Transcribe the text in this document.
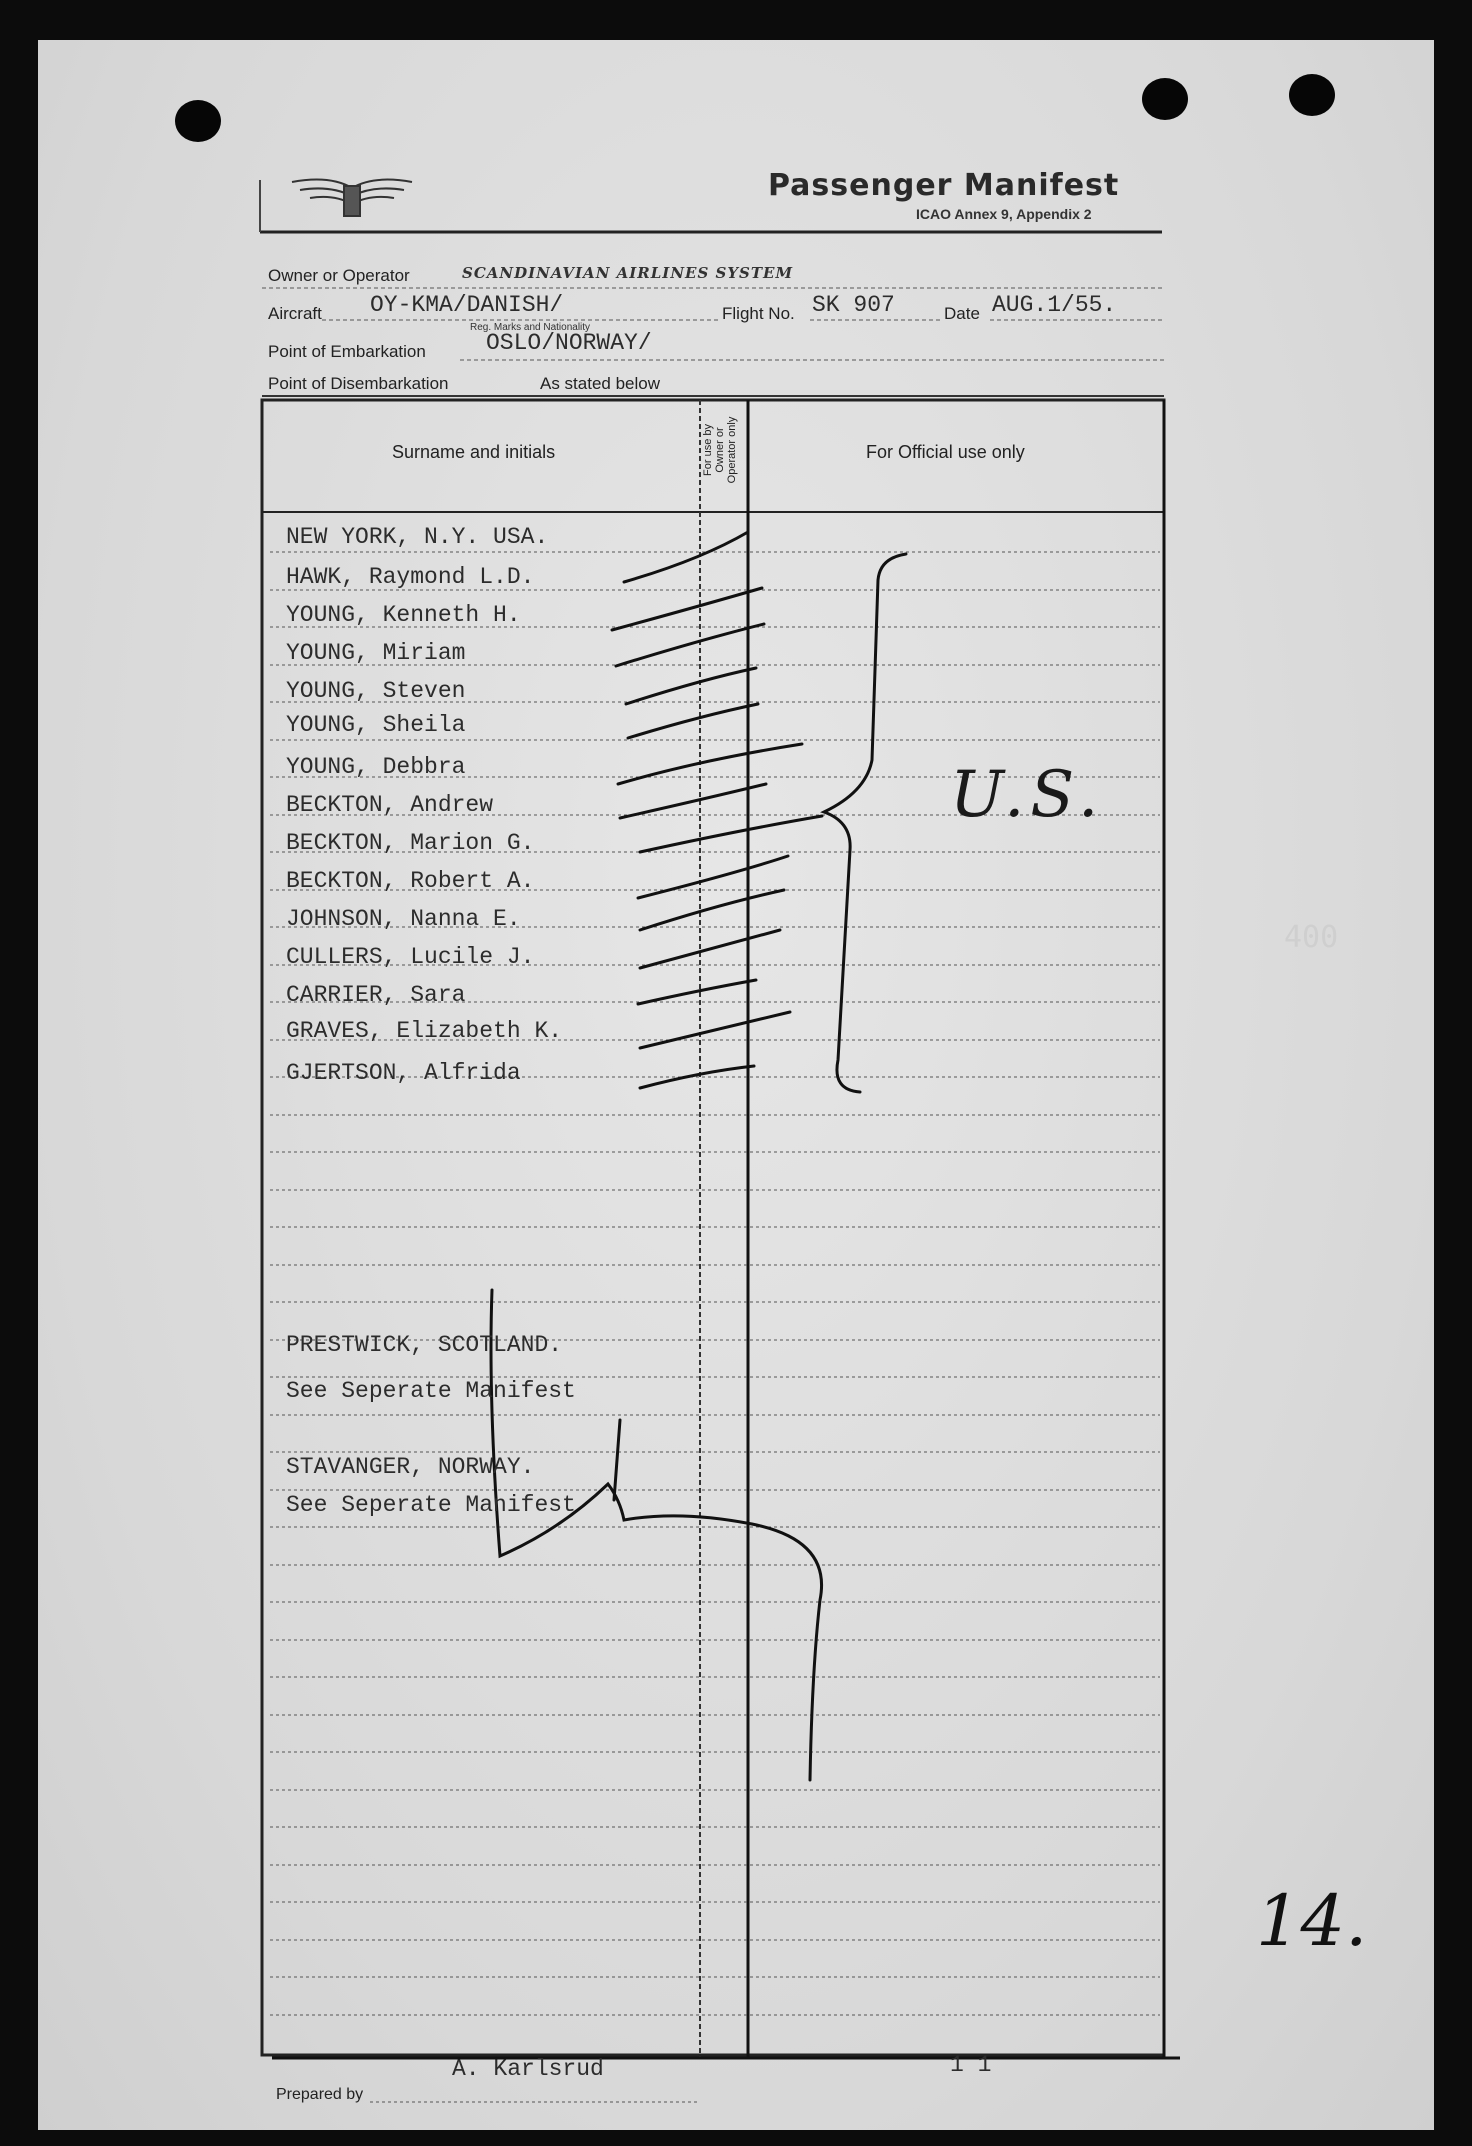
Passenger Manifest
ICAO Annex 9, Appendix 2
Owner or Operator	SCANDINAVIAN AIRLINES SYSTEM
Aircraft OY-KMA/DANISH/
Reg. Marks and Nationality
Flight No. SK 907	Date AUG.1/55.
Point of Embarkation	OSLO/NORWAY/
Point of Disembarkation	As stated below
Surname and initials	For use by Owner or Operator only	For Official use only
NEW YORK, N.Y. USA.
HAWK, Raymond L.D.
YOUNG, Kenneth H.
YOUNG, Miriam
YOUNG, Steven
YOUNG, Sheila
YOUNG, Debbra
BECKTON, Andrew
BECKTON, Marion G.
BECKTON, Robert A.
JOHNSON, Nanna E.
CULLERS, Lucile J.
CARRIER, Sara
GRAVES, Elizabeth K.
GJERTSON, Alfrida
PRESTWICK, SCOTLAND.
See Seperate Manifest
STAVANGER, NORWAY.
See Seperate Manifest
U.S.
400
14.
Prepared by
A. Karlsrud	1 1
